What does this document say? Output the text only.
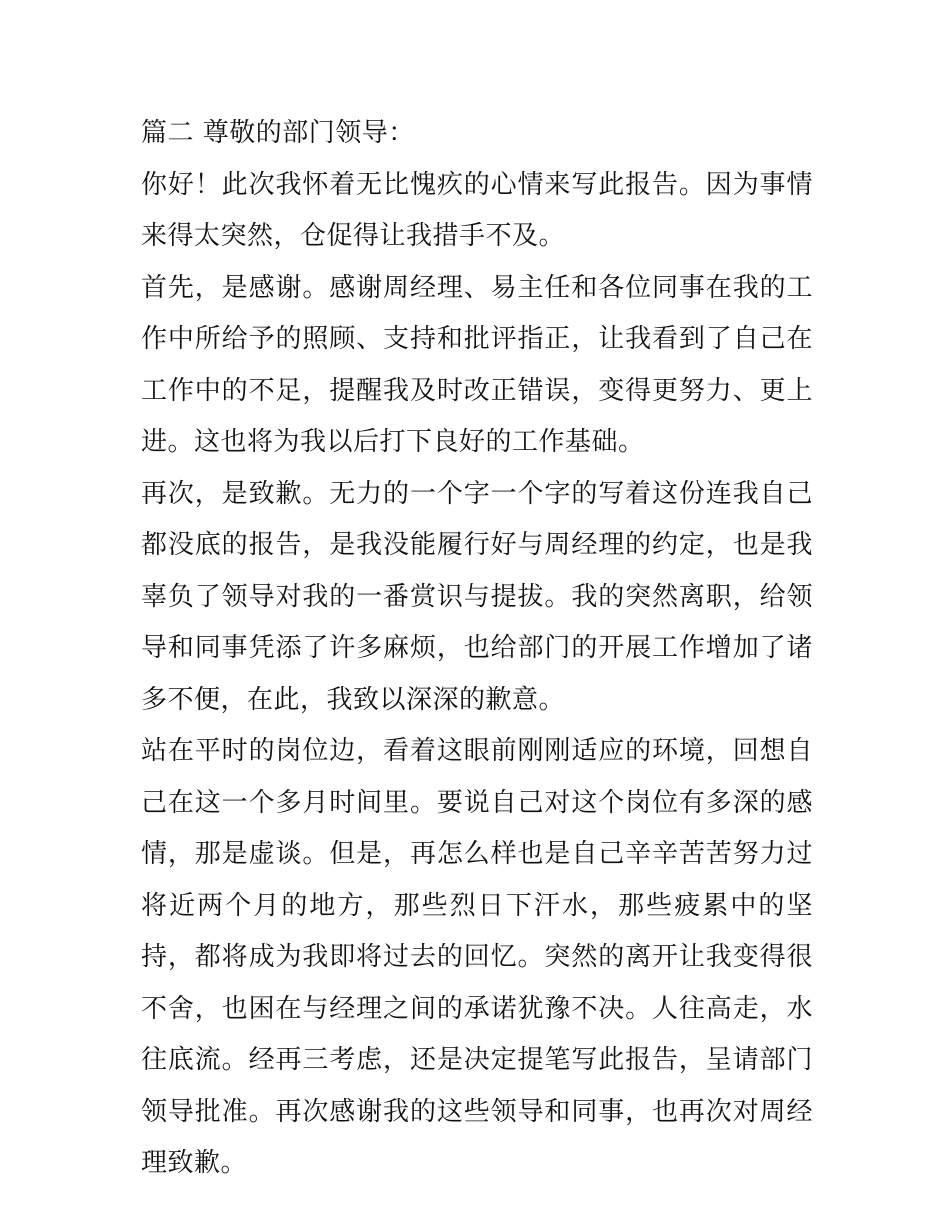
篇二 尊敬的部门领导：

你好！此次我怀着无比愧疚的心情来写此报告。因为事情来得太突然，仓促得让我措手不及。

首先，是感谢。感谢周经理、易主任和各位同事在我的工作中所给予的照顾、支持和批评指正，让我看到了自己在工作中的不足，提醒我及时改正错误，变得更努力、更上进。这也将为我以后打下良好的工作基础。

再次，是致歉。无力的一个字一个字的写着这份连我自己都没底的报告，是我没能履行好与周经理的约定，也是我辜负了领导对我的一番赏识与提拔。我的突然离职，给领导和同事凭添了许多麻烦，也给部门的开展工作增加了诸多不便，在此，我致以深深的歉意。

站在平时的岗位边，看着这眼前刚刚适应的环境，回想自己在这一个多月时间里。要说自己对这个岗位有多深的感情，那是虚谈。但是，再怎么样也是自己辛辛苦苦努力过将近两个月的地方，那些烈日下汗水，那些疲累中的坚持，都将成为我即将过去的回忆。突然的离开让我变得很不舍，也困在与经理之间的承诺犹豫不决。人往高走，水往底流。经再三考虑，还是决定提笔写此报告，呈请部门领导批准。再次感谢我的这些领导和同事，也再次对周经理致歉。
